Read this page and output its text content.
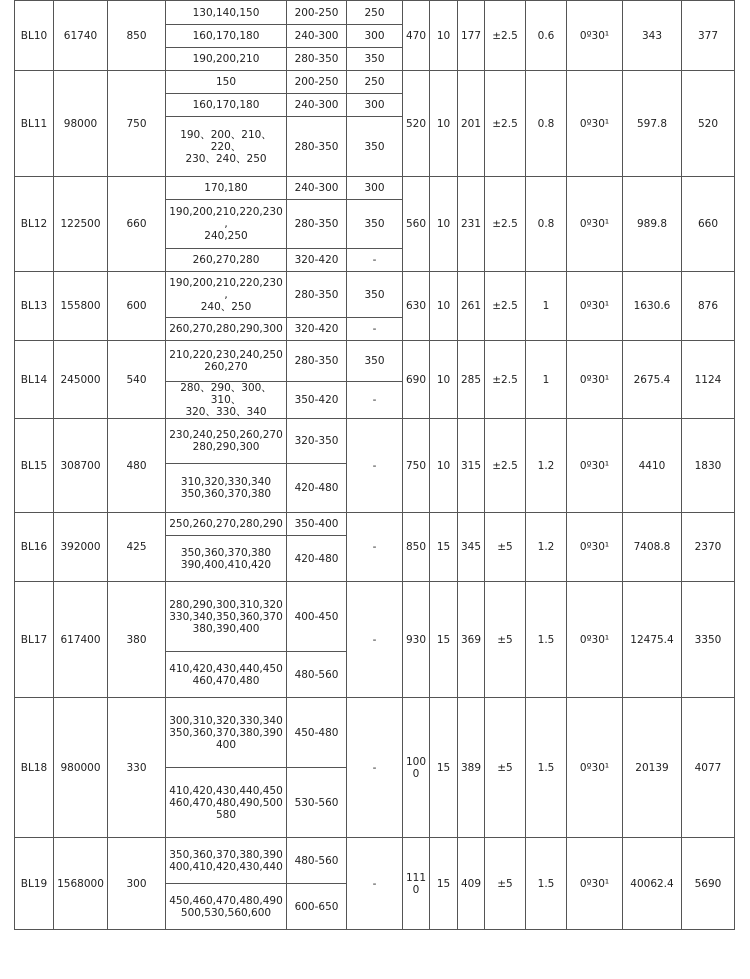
BL10	61740	850	130,140,150	200-250	250	470	10	177	±2.5	0.6	0º30¹	343	377
			160,170,180	240-300	300								
			190,200,210	280-350	350								
BL11	98000	750	150	200-250	250	520	10	201	±2.5	0.8	0º30¹	597.8	520
			160,170,180	240-300	300								
			190、200、210、220、
230、240、250	280-350	350								
BL12	122500	660	170,180	240-300	300	560	10	231	±2.5	0.8	0º30¹	989.8	660
			190,200,210,220,230,
240,250	280-350	350								
			260,270,280	320-420	-								
BL13	155800	600	190,200,210,220,230,
240、250	280-350	350	630	10	261	±2.5	1	0º30¹	1630.6	876
			260,270,280,290,300	320-420	-								
BL14	245000	540	210,220,230,240,250
260,270	280-350	350	690	10	285	±2.5	1	0º30¹	2675.4	1124
			280、290、300、310、
320、330、340	350-420	-								
BL15	308700	480	230,240,250,260,270
280,290,300	320-350	-	750	10	315	±2.5	1.2	0º30¹	4410	1830
			310,320,330,340
350,360,370,380	420-480									
BL16	392000	425	250,260,270,280,290	350-400	-	850	15	345	±5	1.2	0º30¹	7408.8	2370
			350,360,370,380
390,400,410,420	420-480									
BL17	617400	380	280,290,300,310,320
330,340,350,360,370
380,390,400	400-450	-	930	15	369	±5	1.5	0º30¹	12475.4	3350
			410,420,430,440,450
460,470,480	480-560									
BL18	980000	330	300,310,320,330,340
350,360,370,380,390
400	450-480	-	1000	15	389	±5	1.5	0º30¹	20139	4077
			410,420,430,440,450
460,470,480,490,500
580	530-560									
BL19	1568000	300	350,360,370,380,390
400,410,420,430,440	480-560	-	1110	15	409	±5	1.5	0º30¹	40062.4	5690
			450,460,470,480,490
500,530,560,600	600-650									
